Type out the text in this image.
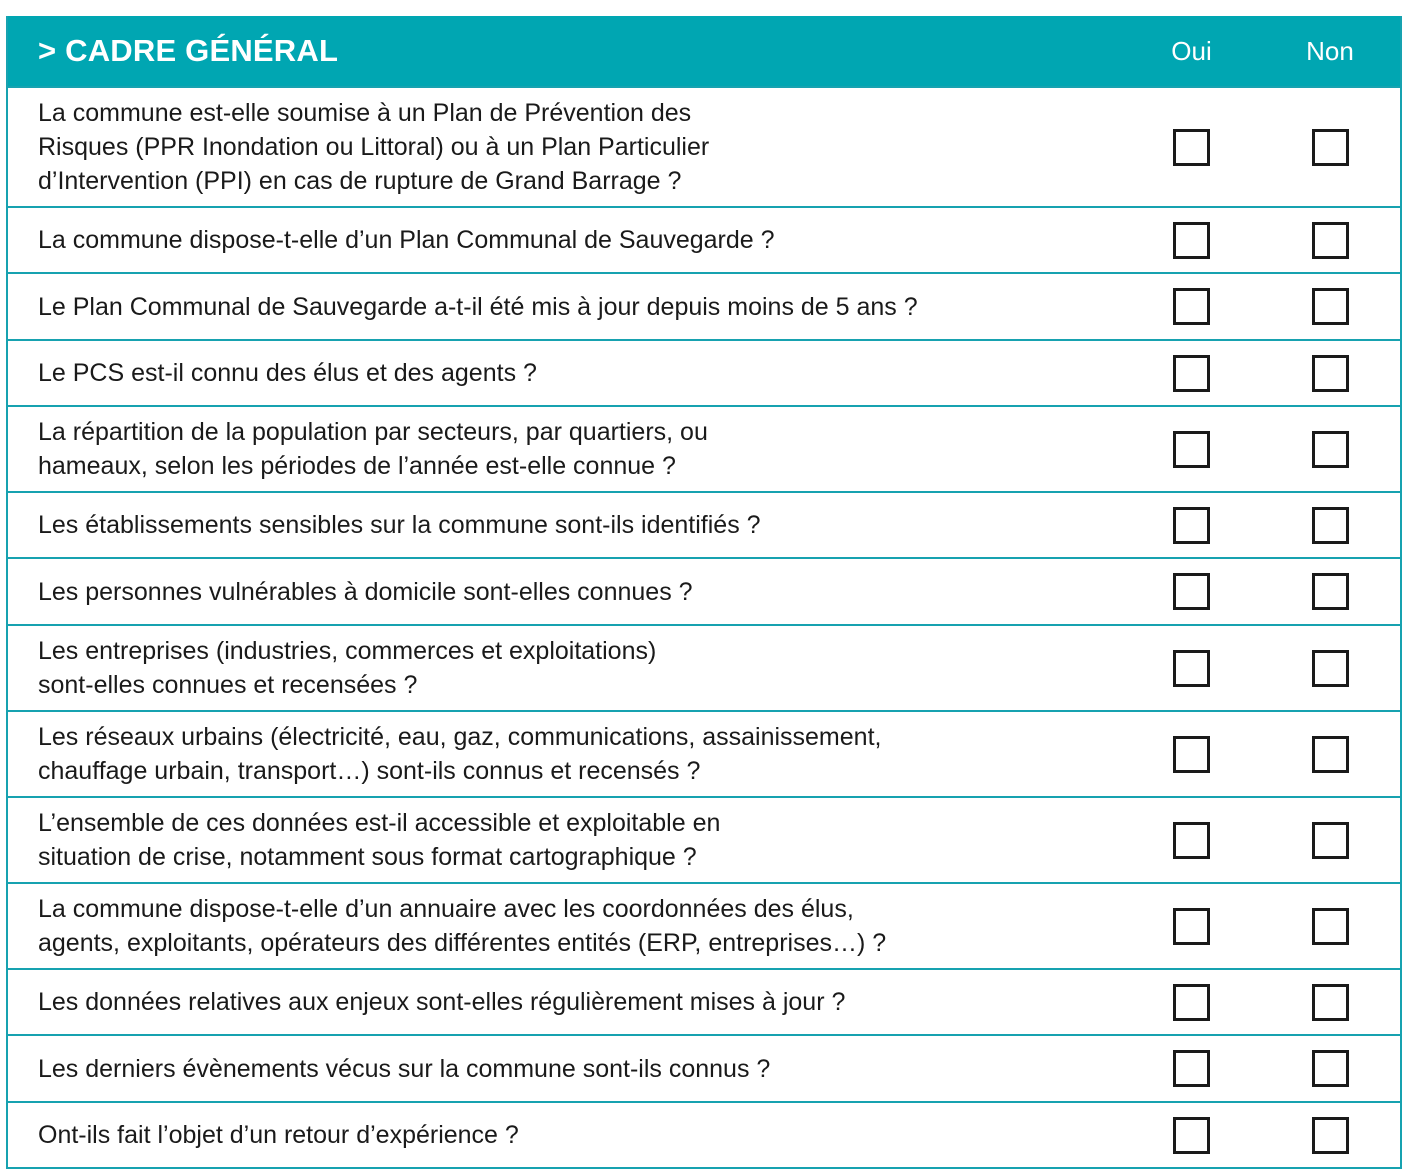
> CADRE GÉNÉRAL	Oui	Non
La commune est-elle soumise à un Plan de Prévention des
Risques (PPR Inondation ou Littoral) ou à un Plan Particulier
d’Intervention (PPI) en cas de rupture de Grand Barrage ?
La commune dispose-t-elle d’un Plan Communal de Sauvegarde ?
Le Plan Communal de Sauvegarde a-t-il été mis à jour depuis moins de 5 ans ?
Le PCS est-il connu des élus et des agents ?
La répartition de la population par secteurs, par quartiers, ou
hameaux, selon les périodes de l’année est-elle connue ?
Les établissements sensibles sur la commune sont-ils identifiés ?
Les personnes vulnérables à domicile sont-elles connues ?
Les entreprises (industries, commerces et exploitations)
sont-elles connues et recensées ?
Les réseaux urbains (électricité, eau, gaz, communications, assainissement,
chauffage urbain, transport…) sont-ils connus et recensés ?
L’ensemble de ces données est-il accessible et exploitable en
situation de crise, notamment sous format cartographique ?
La commune dispose-t-elle d’un annuaire avec les coordonnées des élus,
agents, exploitants, opérateurs des différentes entités (ERP, entreprises…) ?
Les données relatives aux enjeux sont-elles régulièrement mises à jour ?
Les derniers évènements vécus sur la commune sont-ils connus ?
Ont-ils fait l’objet d’un retour d’expérience ?
